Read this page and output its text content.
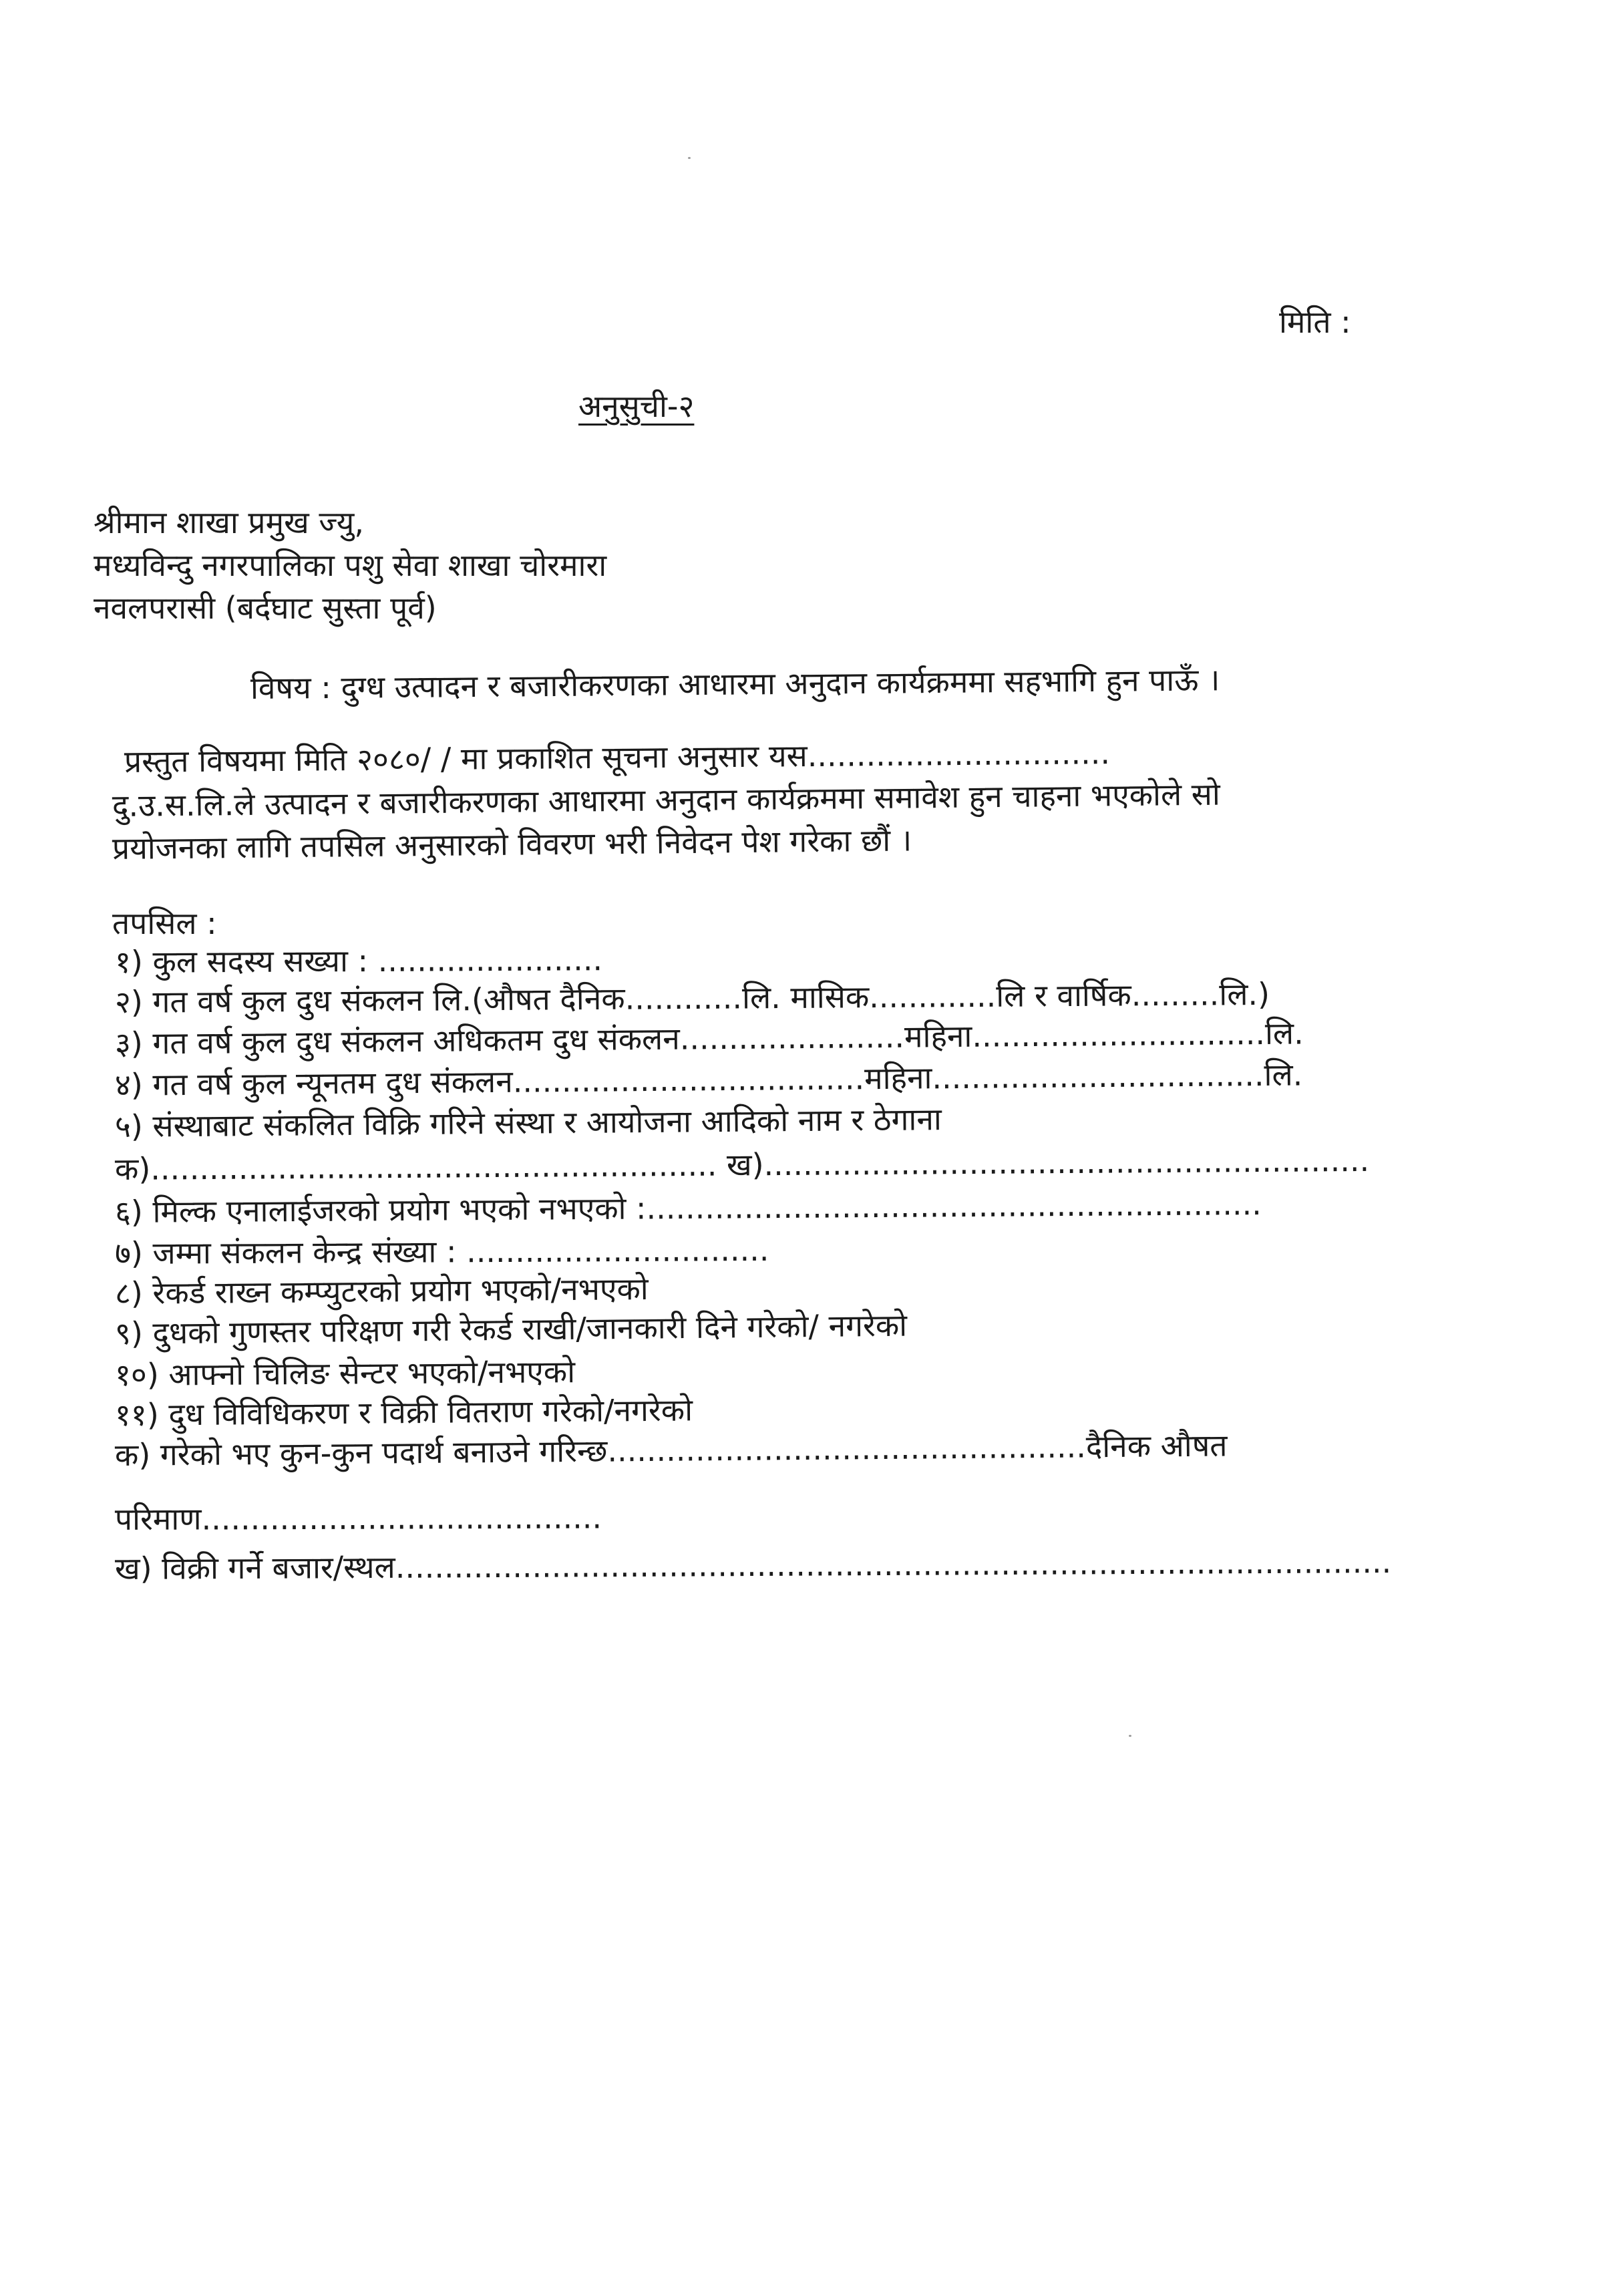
मिति :
अनुसुची-२
श्रीमान शाखा प्रमुख ज्यु,
मध्यविन्दु नगरपालिका पशु सेवा शाखा चोरमारा
नवलपरासी (बर्दघाट सुस्ता पूर्व)
विषय : दुग्ध उत्पादन र बजारीकरणका आधारमा अनुदान कार्यक्रममा सहभागि हुन पाऊँ ।
प्रस्तुत विषयमा मिति २०८०/ / मा प्रकाशित सूचना अनुसार यस...............................
दु.उ.स.लि.ले उत्पादन र बजारीकरणका आधारमा अनुदान कार्यक्रममा समावेश हुन चाहना भएकोले सो
प्रयोजनका लागि तपसिल अनुसारको विवरण भरी निवेदन पेश गरेका छौं ।
तपसिल :
१) कुल सदस्य सख्या : .......................
२) गत वर्ष कुल दुध संकलन लि.(औषत दैनिक............लि. मासिक.............लि र वार्षिक.........लि.)
३) गत वर्ष कुल दुध संकलन अधिकतम दुध संकलन.......................महिना..............................लि.
४) गत वर्ष कुल न्यूनतम दुध संकलन....................................महिना..................................लि.
५) संस्थाबाट संकलित विक्रि गरिने संस्था र आयोजना आदिको नाम र ठेगाना
क).......................................................... ख)..............................................................
६) मिल्क एनालाईजरको प्रयोग भएको नभएको :...............................................................
७) जम्मा संकलन केन्द्र संख्या : ...............................
८) रेकर्ड राख्न कम्प्युटरको प्रयोग भएको/नभएको
९) दुधको गुणस्तर परिक्षण गरी रेकर्ड राखी/जानकारी दिने गरेको/ नगरेको
१०) आफ्नो चिलिङ सेन्टर भएको/नभएको
११) दुध विविधिकरण र विक्री वितराण गरेको/नगरेको
क) गरेको भए कुन-कुन पदार्थ बनाउने गरिन्छ.................................................दैनिक औषत
परिमाण.........................................
ख) विक्री गर्ने बजार/स्थल......................................................................................................
